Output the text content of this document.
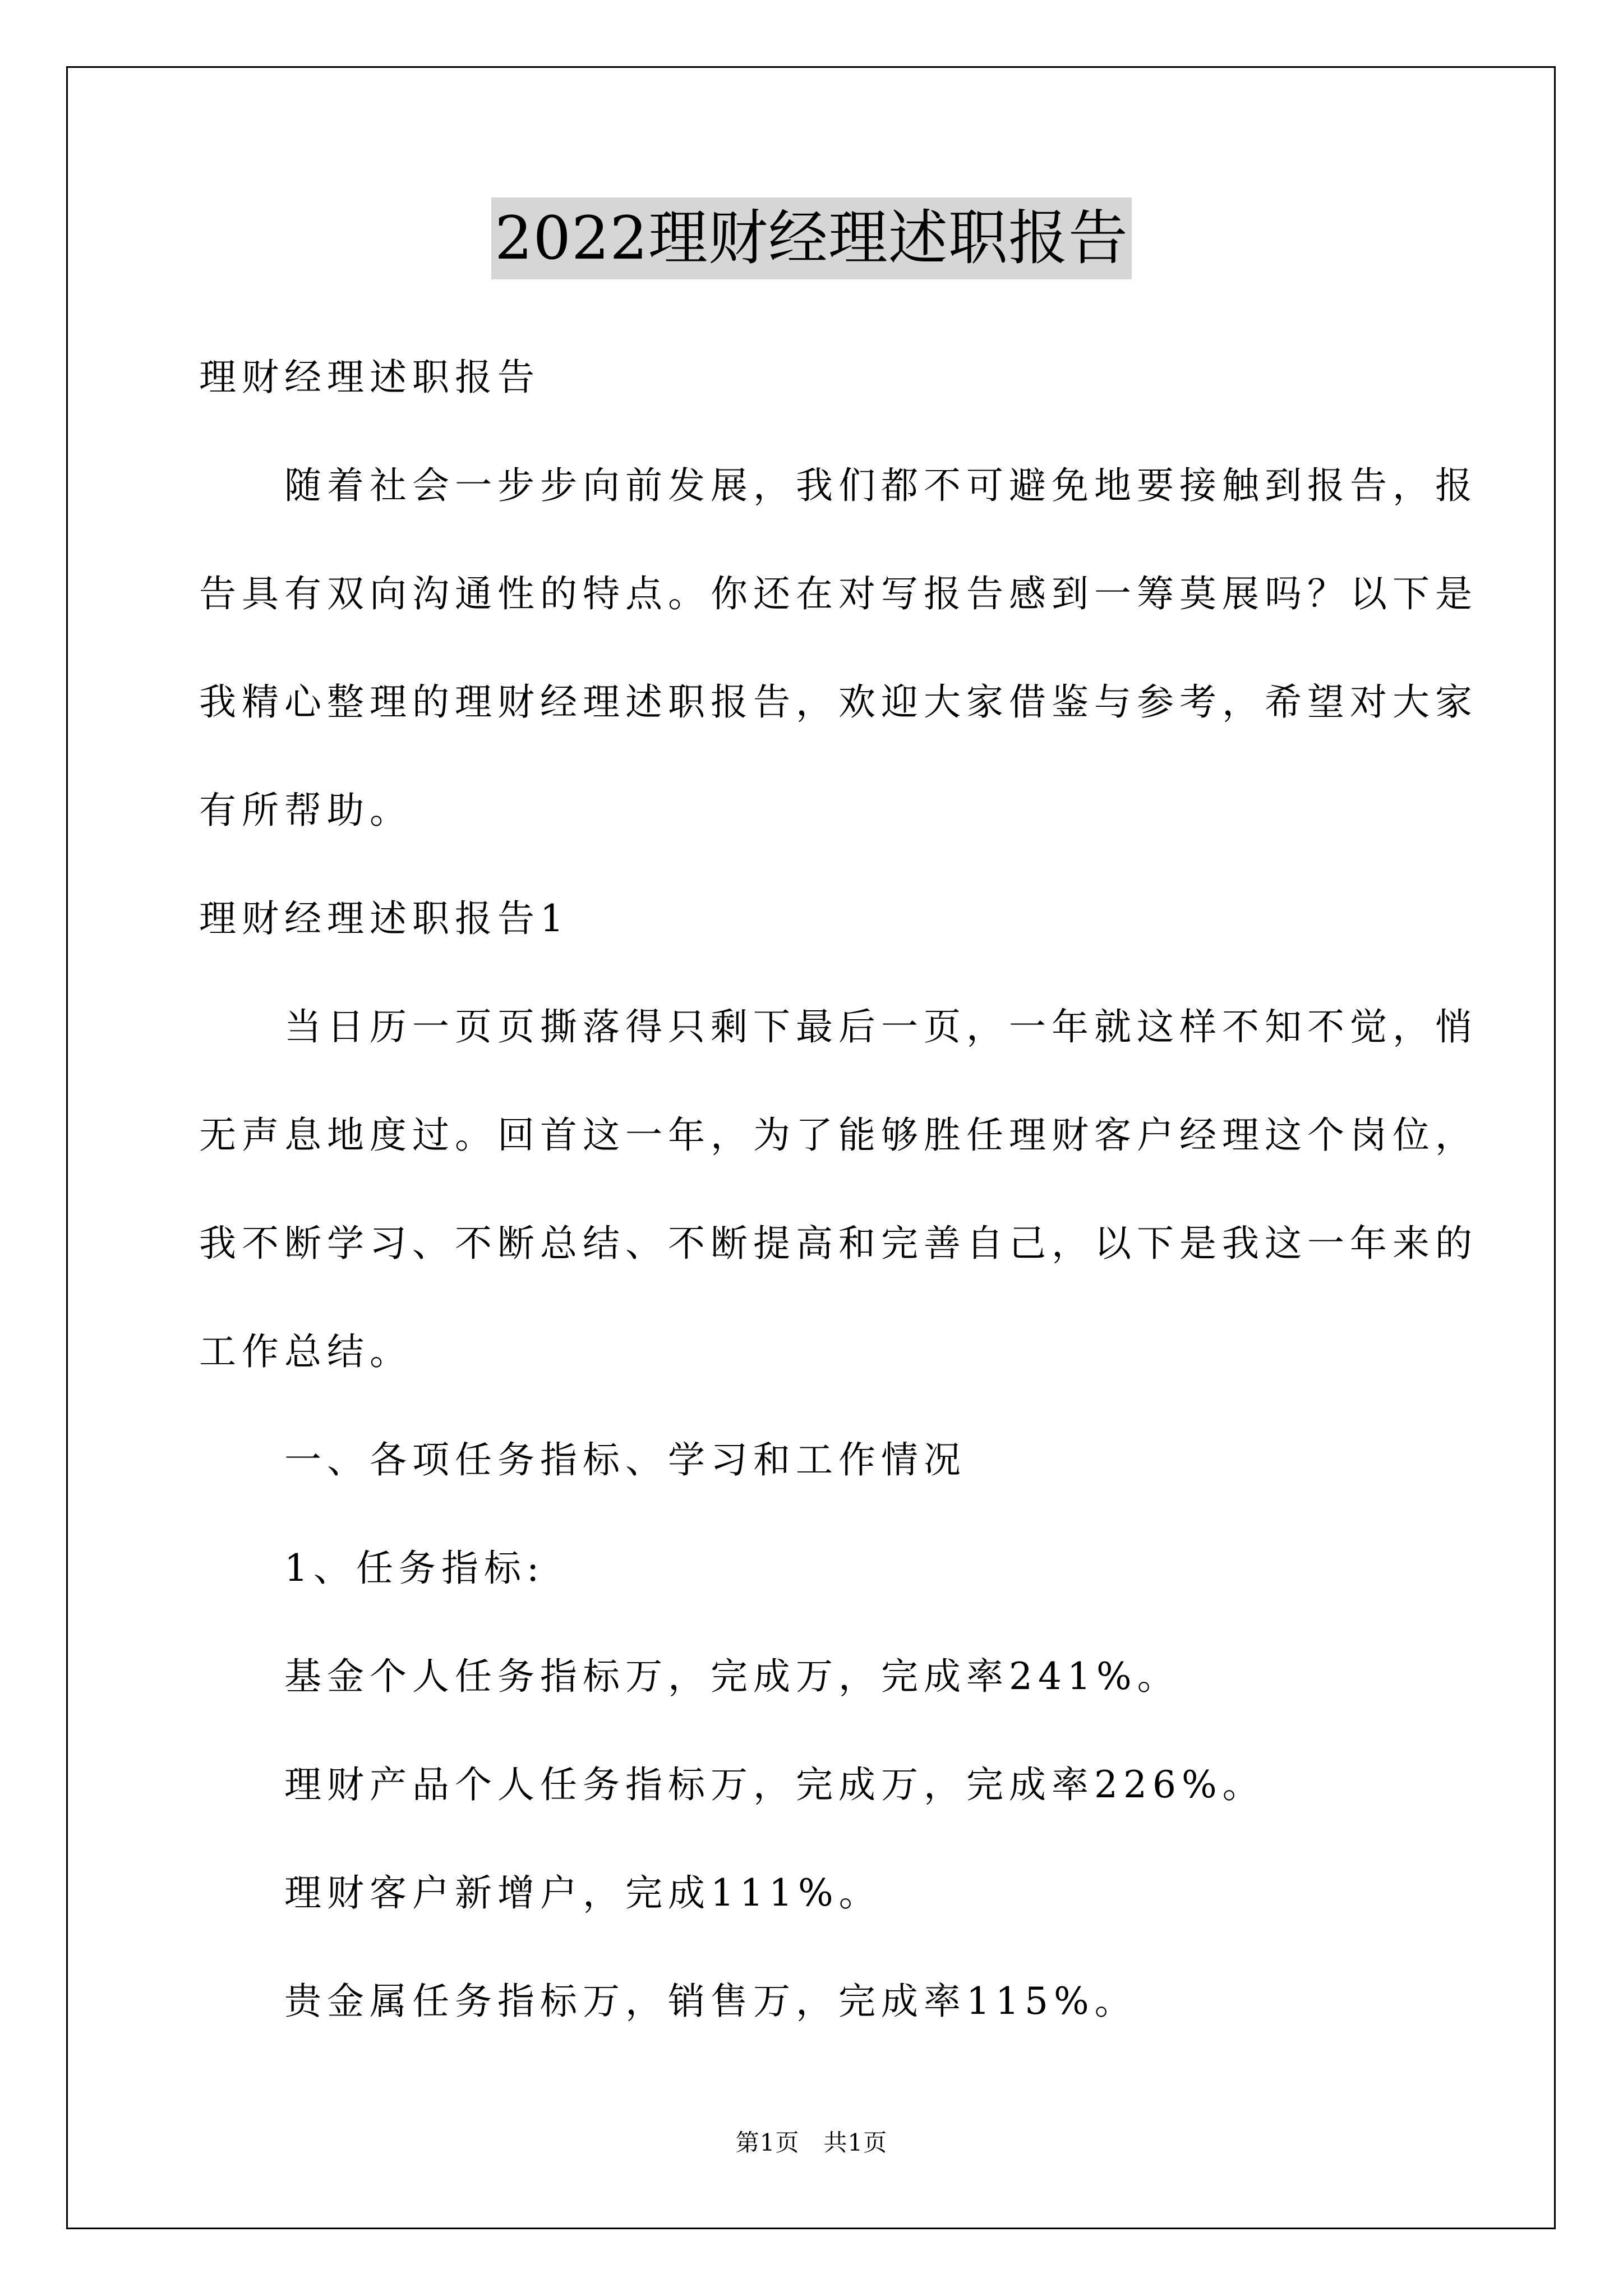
2022理财经理述职报告
理财经理述职报告
　　随着社会一步步向前发展，我们都不可避免地要接触到报告，报
告具有双向沟通性的特点。你还在对写报告感到一筹莫展吗？以下是
我精心整理的理财经理述职报告，欢迎大家借鉴与参考，希望对大家
有所帮助。
理财经理述职报告1
　　当日历一页页撕落得只剩下最后一页，一年就这样不知不觉，悄
无声息地度过。回首这一年，为了能够胜任理财客户经理这个岗位，
我不断学习、不断总结、不断提高和完善自己，以下是我这一年来的
工作总结。
　　一、各项任务指标、学习和工作情况
　　1、任务指标:
　　基金个人任务指标万，完成万，完成率241%。
　　理财产品个人任务指标万，完成万，完成率226%。
　　理财客户新增户，完成111%。
　　贵金属任务指标万，销售万，完成率115%。
第1页　共1页
